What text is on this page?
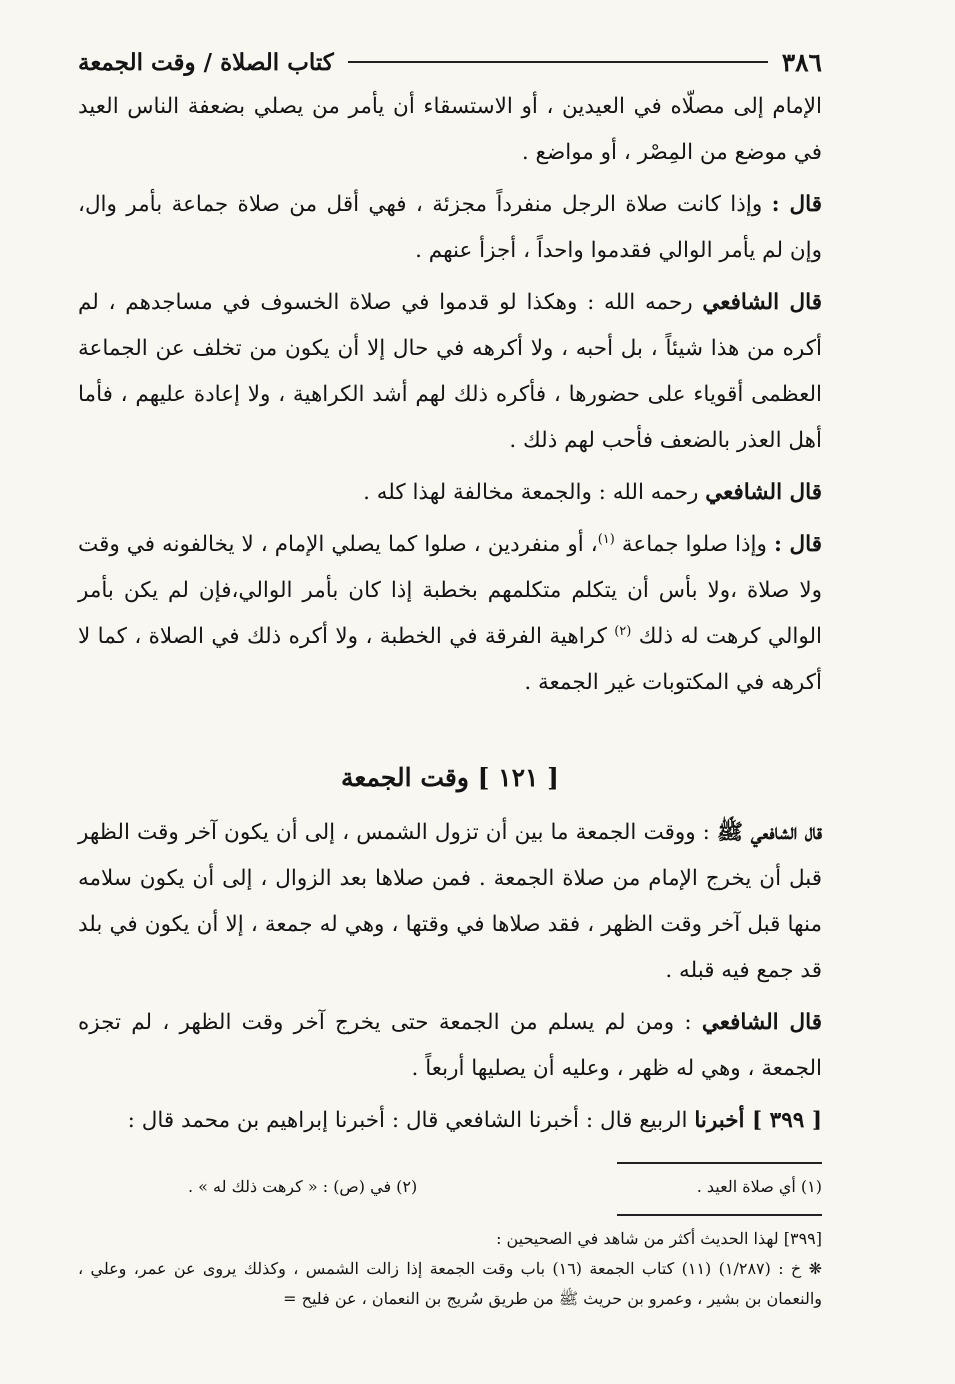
٣٨٦
كتاب الصلاة / وقت الجمعة

الإمام إلى مصلّاه في العيدين ، أو الاستسقاء أن يأمر من يصلي بضعفة الناس العيد في موضع من المِصْر ، أو مواضع .

قال : وإذا كانت صلاة الرجل منفرداً مجزئة ، فهي أقل من صلاة جماعة بأمر وال، وإن لم يأمر الوالي فقدموا واحداً ، أجزأ عنهم .

قال الشافعي رحمه الله : وهكذا لو قدموا في صلاة الخسوف في مساجدهم ، لم أكره من هذا شيئاً ، بل أحبه ، ولا أكرهه في حال إلا أن يكون من تخلف عن الجماعة العظمى أقوياء على حضورها ، فأكره ذلك لهم أشد الكراهية ، ولا إعادة عليهم ، فأما أهل العذر بالضعف فأحب لهم ذلك .

قال الشافعي رحمه الله : والجمعة مخالفة لهذا كله .

قال : وإذا صلوا جماعة $^{(١)}$، أو منفردين ، صلوا كما يصلي الإمام ، لا يخالفونه في وقت ولا صلاة ،ولا بأس أن يتكلم متكلمهم بخطبة إذا كان بأمر الوالي،فإن لم يكن بأمر الوالي كرهت له ذلك $^{(٢)}$ كراهية الفرقة في الخطبة ، ولا أكره ذلك في الصلاة ، كما لا أكرهه في المكتوبات غير الجمعة .

[ ١٢١ ] وقت الجمعة

قال الشافعي ﷺ : ووقت الجمعة ما بين أن تزول الشمس ، إلى أن يكون آخر وقت الظهر قبل أن يخرج الإمام من صلاة الجمعة . فمن صلاها بعد الزوال ، إلى أن يكون سلامه منها قبل آخر وقت الظهر ، فقد صلاها في وقتها ، وهي له جمعة ، إلا أن يكون في بلد قد جمع فيه قبله .

قال الشافعي : ومن لم يسلم من الجمعة حتى يخرج آخر وقت الظهر ، لم تجزه الجمعة ، وهي له ظهر ، وعليه أن يصليها أربعاً .

[ ٣٩٩ ] أخبرنا الربيع قال : أخبرنا الشافعي قال : أخبرنا إبراهيم بن محمد قال :

(١) أي صلاة العيد .
(٢) في (ص) : « كرهت ذلك له » .

[٣٩٩] لهذا الحديث أكثر من شاهد في الصحيحين :

❋ خ : (١/٢٨٧) (١١) كتاب الجمعة (١٦) باب وقت الجمعة إذا زالت الشمس ، وكذلك يروى عن عمر، وعلي ، والنعمان بن بشير ، وعمرو بن حريث ﷺ من طريق سُريج بن النعمان ، عن فليح =
